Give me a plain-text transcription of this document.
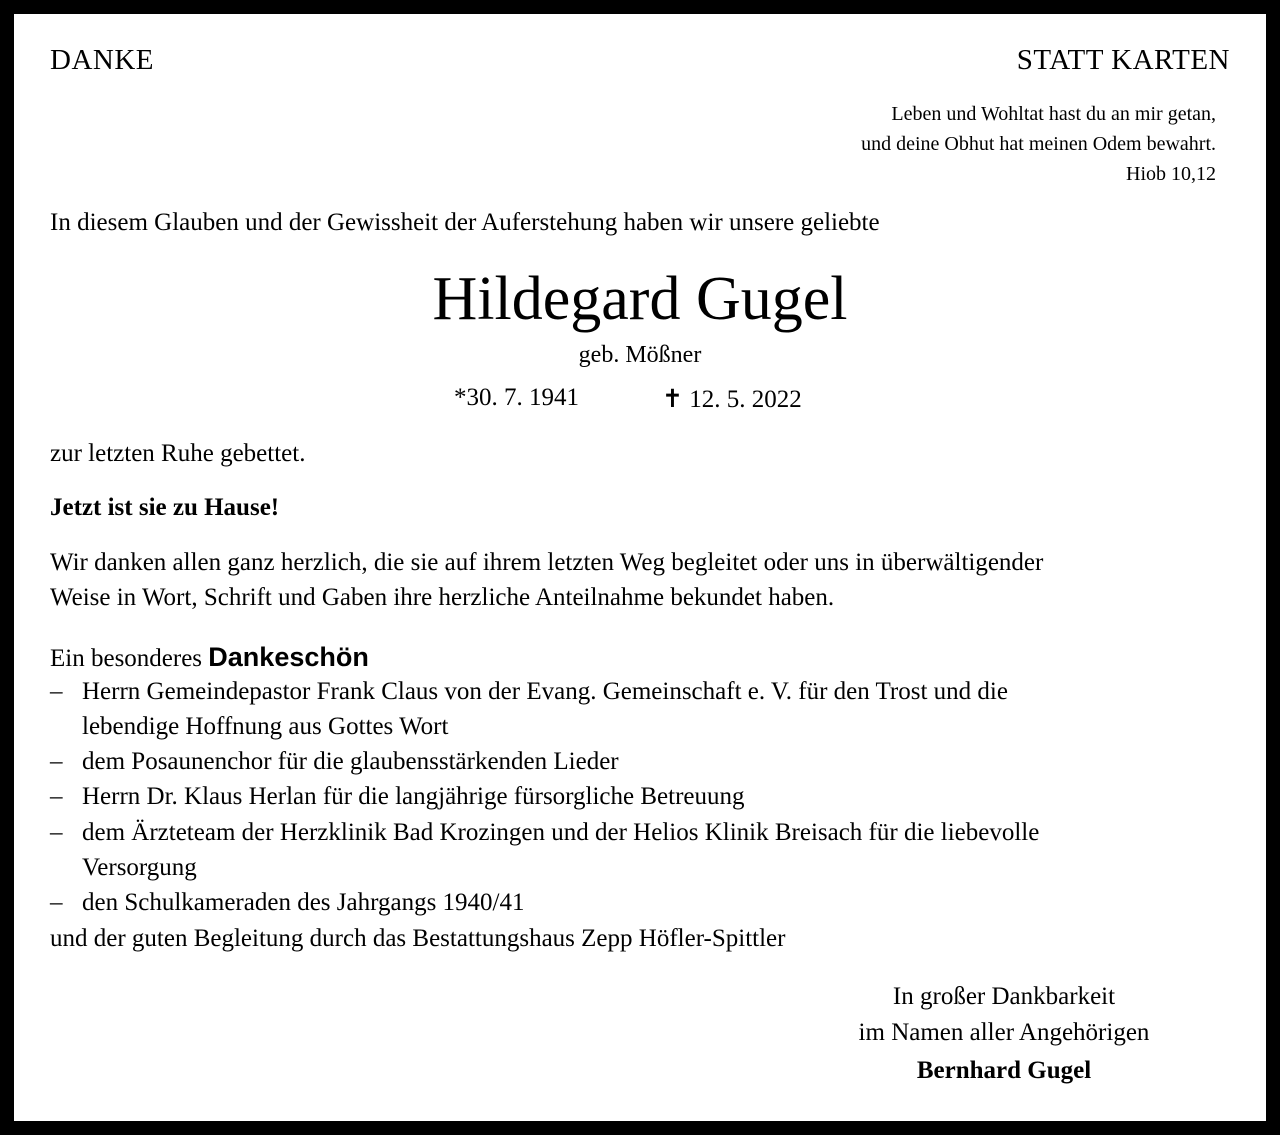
DANKE	STATT KARTEN
Leben und Wohltat hast du an mir getan,
und deine Obhut hat meinen Odem bewahrt.
Hiob 10,12
In diesem Glauben und der Gewissheit der Auferstehung haben wir unsere geliebte
Hildegard Gugel
geb. Mößner
*30. 7. 1941	✝ 12. 5. 2022
zur letzten Ruhe gebettet.
Jetzt ist sie zu Hause!
Wir danken allen ganz herzlich, die sie auf ihrem letzten Weg begleitet oder uns in überwältigender
Weise in Wort, Schrift und Gaben ihre herzliche Anteilnahme bekundet haben.
Ein besonderes Dankeschön
– Herrn Gemeindepastor Frank Claus von der Evang. Gemeinschaft e. V. für den Trost und die
lebendige Hoffnung aus Gottes Wort
– dem Posaunenchor für die glaubensstärkenden Lieder
– Herrn Dr. Klaus Herlan für die langjährige fürsorgliche Betreuung
– dem Ärzteteam der Herzklinik Bad Krozingen und der Helios Klinik Breisach für die liebevolle
Versorgung
– den Schulkameraden des Jahrgangs 1940/41
und der guten Begleitung durch das Bestattungshaus Zepp Höfler-Spittler
In großer Dankbarkeit
im Namen aller Angehörigen
Bernhard Gugel
